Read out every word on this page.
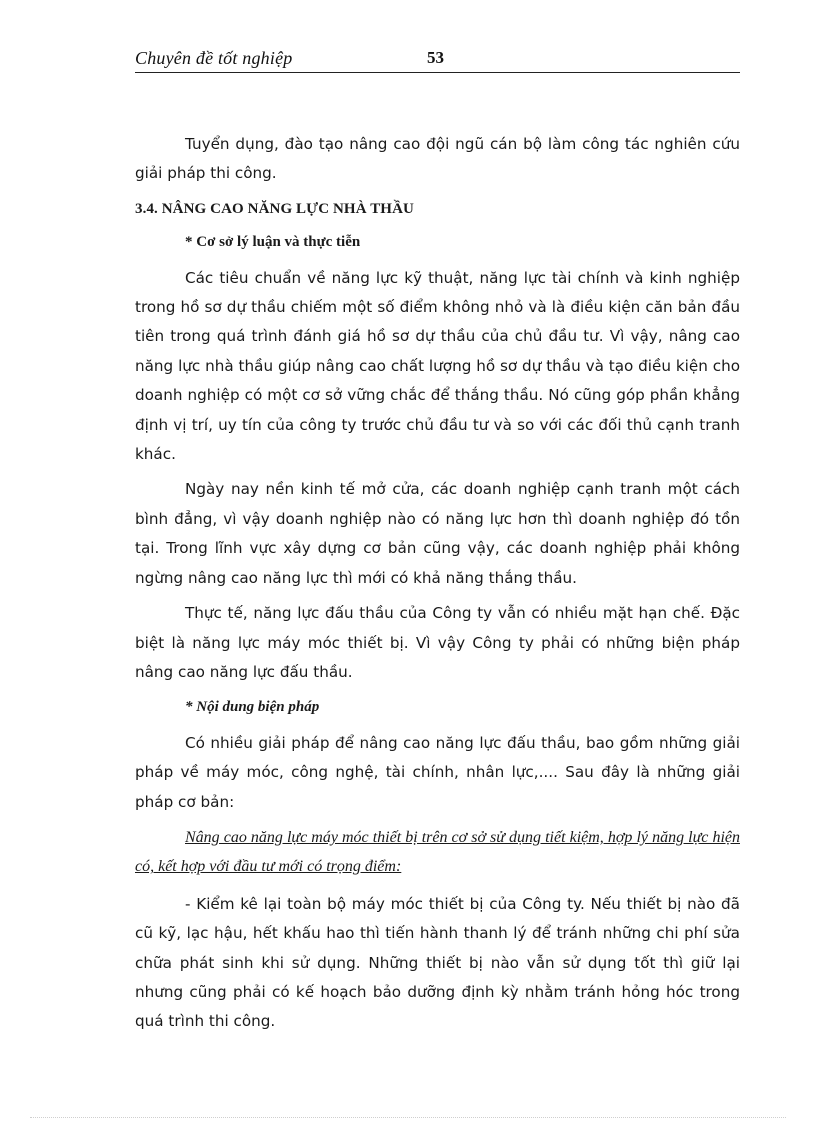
Chuyên đề tốt nghiệp	53

Tuyển dụng, đào tạo nâng cao đội ngũ cán bộ làm công tác nghiên cứu giải pháp thi công.

3.4. NÂNG CAO NĂNG LỰC NHÀ THẦU

* Cơ sở lý luận và thực tiễn

Các tiêu chuẩn về năng lực kỹ thuật, năng lực tài chính và kinh nghiệp trong hồ sơ dự thầu chiếm một số điểm không nhỏ và là điều kiện căn bản đầu tiên trong quá trình đánh giá hồ sơ dự thầu của chủ đầu tư. Vì vậy, nâng cao năng lực nhà thầu giúp nâng cao chất lượng hồ sơ dự thầu và tạo điều kiện cho doanh nghiệp có một cơ sở vững chắc để thắng thầu. Nó cũng góp phần khẳng định vị trí, uy tín của công ty trước chủ đầu tư và so với các đối thủ cạnh tranh khác.

Ngày nay nền kinh tế mở cửa, các doanh nghiệp cạnh tranh một cách bình đẳng, vì vậy doanh nghiệp nào có năng lực hơn thì doanh nghiệp đó tồn tại. Trong lĩnh vực xây dựng cơ bản cũng vậy, các doanh nghiệp phải không ngừng nâng cao năng lực thì mới có khả năng thắng thầu.

Thực tế, năng lực đấu thầu của Công ty vẫn có nhiều mặt hạn chế. Đặc biệt là năng lực máy móc thiết bị. Vì vậy Công ty phải có những biện pháp nâng cao năng lực đấu thầu.

* Nội dung biện pháp

Có nhiều giải pháp để nâng cao năng lực đấu thầu, bao gồm những giải pháp về máy móc, công nghệ, tài chính, nhân lực,.... Sau đây là những giải pháp cơ bản:

Nâng cao năng lực máy móc thiết bị trên cơ sở sử dụng tiết kiệm, hợp lý năng lực hiện có, kết hợp với đầu tư mới có trọng điểm:

- Kiểm kê lại toàn bộ máy móc thiết bị của Công ty. Nếu thiết bị nào đã cũ kỹ, lạc hậu, hết khấu hao thì tiến hành thanh lý để tránh những chi phí sửa chữa phát sinh khi sử dụng. Những thiết bị nào vẫn sử dụng tốt thì giữ lại nhưng cũng phải có kế hoạch bảo dưỡng định kỳ nhằm tránh hỏng hóc trong quá trình thi công.
